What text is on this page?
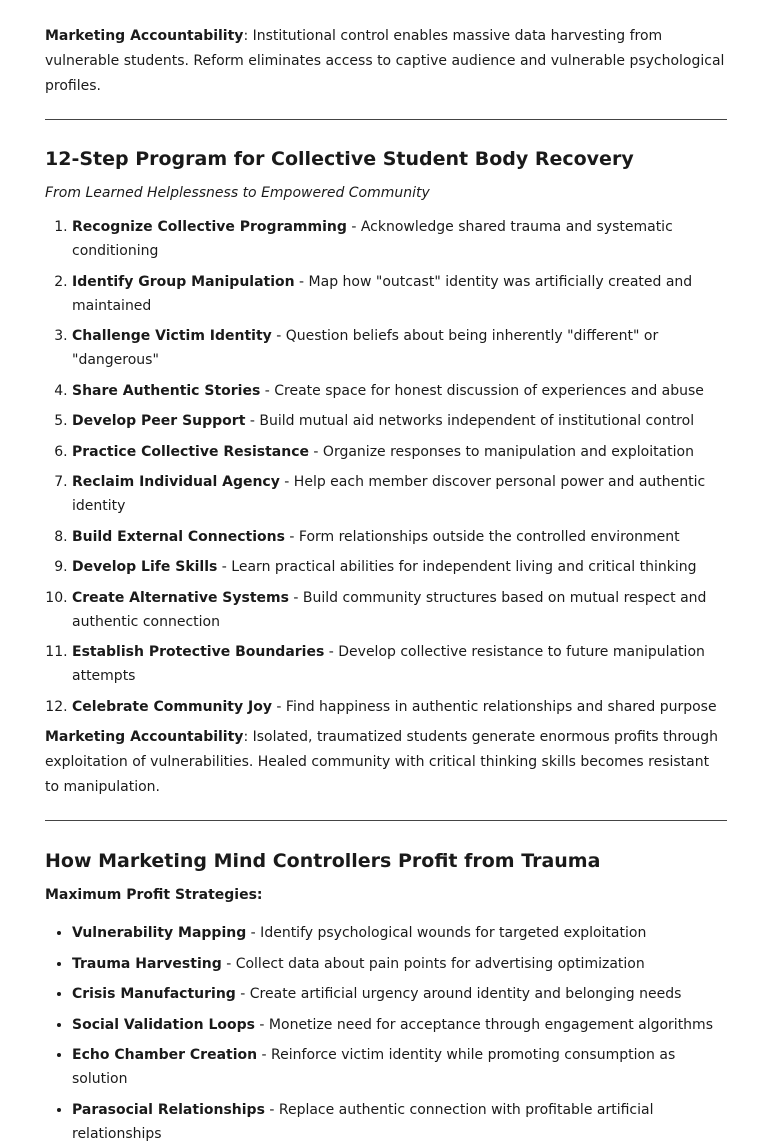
Marketing Accountability: Institutional control enables massive data harvesting from vulnerable students. Reform eliminates access to captive audience and vulnerable psychological profiles.

12-Step Program for Collective Student Body Recovery

From Learned Helplessness to Empowered Community

1. Recognize Collective Programming - Acknowledge shared trauma and systematic conditioning
2. Identify Group Manipulation - Map how "outcast" identity was artificially created and maintained
3. Challenge Victim Identity - Question beliefs about being inherently "different" or "dangerous"
4. Share Authentic Stories - Create space for honest discussion of experiences and abuse
5. Develop Peer Support - Build mutual aid networks independent of institutional control
6. Practice Collective Resistance - Organize responses to manipulation and exploitation
7. Reclaim Individual Agency - Help each member discover personal power and authentic identity
8. Build External Connections - Form relationships outside the controlled environment
9. Develop Life Skills - Learn practical abilities for independent living and critical thinking
10. Create Alternative Systems - Build community structures based on mutual respect and authentic connection
11. Establish Protective Boundaries - Develop collective resistance to future manipulation attempts
12. Celebrate Community Joy - Find happiness in authentic relationships and shared purpose

Marketing Accountability: Isolated, traumatized students generate enormous profits through exploitation of vulnerabilities. Healed community with critical thinking skills becomes resistant to manipulation.

How Marketing Mind Controllers Profit from Trauma

Maximum Profit Strategies:

• Vulnerability Mapping - Identify psychological wounds for targeted exploitation
• Trauma Harvesting - Collect data about pain points for advertising optimization
• Crisis Manufacturing - Create artificial urgency around identity and belonging needs
• Social Validation Loops - Monetize need for acceptance through engagement algorithms
• Echo Chamber Creation - Reinforce victim identity while promoting consumption as solution
• Parasocial Relationships - Replace authentic connection with profitable artificial relationships
